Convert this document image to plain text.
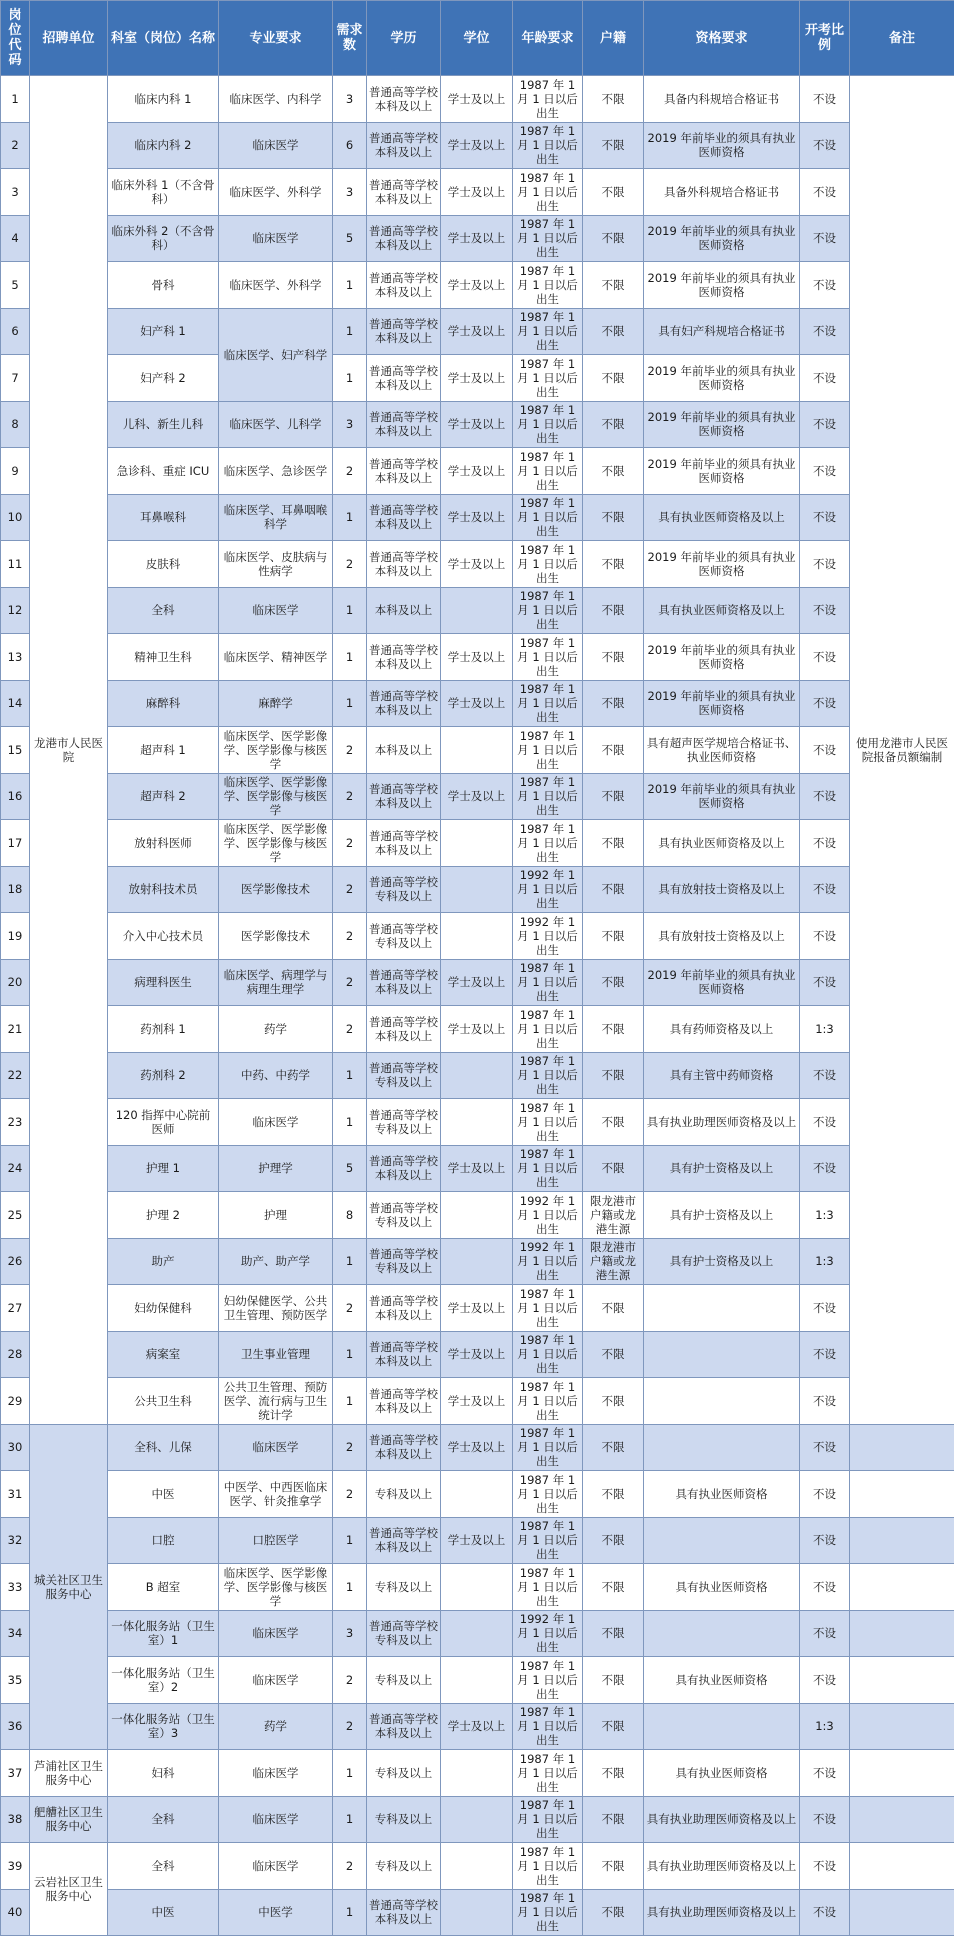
岗位代码	招聘单位	科室（岗位）名称	专业要求	需求数	学历	学位	年龄要求	户籍	资格要求	开考比例	备注
1	龙港市人民医院	临床内科 1	临床医学、内科学	3	普通高等学校本科及以上	学士及以上	1987 年 1 月 1 日以后出生	不限	具备内科规培合格证书	不设	使用龙港市人民医院报备员额编制
2		临床内科 2	临床医学	6	普通高等学校本科及以上	学士及以上	1987 年 1 月 1 日以后出生	不限	2019 年前毕业的须具有执业医师资格	不设	
3		临床外科 1（不含骨科）	临床医学、外科学	3	普通高等学校本科及以上	学士及以上	1987 年 1 月 1 日以后出生	不限	具备外科规培合格证书	不设	
4		临床外科 2（不含骨科）	临床医学	5	普通高等学校本科及以上	学士及以上	1987 年 1 月 1 日以后出生	不限	2019 年前毕业的须具有执业医师资格	不设	
5		骨科	临床医学、外科学	1	普通高等学校本科及以上	学士及以上	1987 年 1 月 1 日以后出生	不限	2019 年前毕业的须具有执业医师资格	不设	
6		妇产科 1	临床医学、妇产科学	1	普通高等学校本科及以上	学士及以上	1987 年 1 月 1 日以后出生	不限	具有妇产科规培合格证书	不设	
7		妇产科 2		1	普通高等学校本科及以上	学士及以上	1987 年 1 月 1 日以后出生	不限	2019 年前毕业的须具有执业医师资格	不设	
8		儿科、新生儿科	临床医学、儿科学	3	普通高等学校本科及以上	学士及以上	1987 年 1 月 1 日以后出生	不限	2019 年前毕业的须具有执业医师资格	不设	
9		急诊科、重症 ICU	临床医学、急诊医学	2	普通高等学校本科及以上	学士及以上	1987 年 1 月 1 日以后出生	不限	2019 年前毕业的须具有执业医师资格	不设	
10		耳鼻喉科	临床医学、耳鼻咽喉科学	1	普通高等学校本科及以上	学士及以上	1987 年 1 月 1 日以后出生	不限	具有执业医师资格及以上	不设	
11		皮肤科	临床医学、皮肤病与性病学	2	普通高等学校本科及以上	学士及以上	1987 年 1 月 1 日以后出生	不限	2019 年前毕业的须具有执业医师资格	不设	
12		全科	临床医学	1	本科及以上		1987 年 1 月 1 日以后出生	不限	具有执业医师资格及以上	不设	
13		精神卫生科	临床医学、精神医学	1	普通高等学校本科及以上	学士及以上	1987 年 1 月 1 日以后出生	不限	2019 年前毕业的须具有执业医师资格	不设	
14		麻醉科	麻醉学	1	普通高等学校本科及以上	学士及以上	1987 年 1 月 1 日以后出生	不限	2019 年前毕业的须具有执业医师资格	不设	
15		超声科 1	临床医学、医学影像学、医学影像与核医学	2	本科及以上		1987 年 1 月 1 日以后出生	不限	具有超声医学规培合格证书、执业医师资格	不设	
16		超声科 2	临床医学、医学影像学、医学影像与核医学	2	普通高等学校本科及以上	学士及以上	1987 年 1 月 1 日以后出生	不限	2019 年前毕业的须具有执业医师资格	不设	
17		放射科医师	临床医学、医学影像学、医学影像与核医学	2	普通高等学校本科及以上		1987 年 1 月 1 日以后出生	不限	具有执业医师资格及以上	不设	
18		放射科技术员	医学影像技术	2	普通高等学校专科及以上		1992 年 1 月 1 日以后出生	不限	具有放射技士资格及以上	不设	
19		介入中心技术员	医学影像技术	2	普通高等学校专科及以上		1992 年 1 月 1 日以后出生	不限	具有放射技士资格及以上	不设	
20		病理科医生	临床医学、病理学与病理生理学	2	普通高等学校本科及以上	学士及以上	1987 年 1 月 1 日以后出生	不限	2019 年前毕业的须具有执业医师资格	不设	
21		药剂科 1	药学	2	普通高等学校本科及以上	学士及以上	1987 年 1 月 1 日以后出生	不限	具有药师资格及以上	1:3	
22		药剂科 2	中药、中药学	1	普通高等学校专科及以上		1987 年 1 月 1 日以后出生	不限	具有主管中药师资格	不设	
23		120 指挥中心院前医师	临床医学	1	普通高等学校专科及以上		1987 年 1 月 1 日以后出生	不限	具有执业助理医师资格及以上	不设	
24		护理 1	护理学	5	普通高等学校本科及以上	学士及以上	1987 年 1 月 1 日以后出生	不限	具有护士资格及以上	不设	
25		护理 2	护理	8	普通高等学校专科及以上		1992 年 1 月 1 日以后出生	限龙港市户籍或龙港生源	具有护士资格及以上	1:3	
26		助产	助产、助产学	1	普通高等学校专科及以上		1992 年 1 月 1 日以后出生	限龙港市户籍或龙港生源	具有护士资格及以上	1:3	
27		妇幼保健科	妇幼保健医学、公共卫生管理、预防医学	2	普通高等学校本科及以上	学士及以上	1987 年 1 月 1 日以后出生	不限		不设	
28		病案室	卫生事业管理	1	普通高等学校本科及以上	学士及以上	1987 年 1 月 1 日以后出生	不限		不设	
29		公共卫生科	公共卫生管理、预防医学、流行病与卫生统计学	1	普通高等学校本科及以上	学士及以上	1987 年 1 月 1 日以后出生	不限		不设	
30	城关社区卫生服务中心	全科、儿保	临床医学	2	普通高等学校本科及以上	学士及以上	1987 年 1 月 1 日以后出生	不限		不设	
31		中医	中医学、中西医临床医学、针灸推拿学	2	专科及以上		1987 年 1 月 1 日以后出生	不限	具有执业医师资格	不设	
32		口腔	口腔医学	1	普通高等学校本科及以上	学士及以上	1987 年 1 月 1 日以后出生	不限		不设	
33		B 超室	临床医学、医学影像学、医学影像与核医学	1	专科及以上		1987 年 1 月 1 日以后出生	不限	具有执业医师资格	不设	
34		一体化服务站（卫生室）1	临床医学	3	普通高等学校专科及以上		1992 年 1 月 1 日以后出生	不限		不设	
35		一体化服务站（卫生室）2	临床医学	2	专科及以上		1987 年 1 月 1 日以后出生	不限	具有执业医师资格	不设	
36		一体化服务站（卫生室）3	药学	2	普通高等学校本科及以上	学士及以上	1987 年 1 月 1 日以后出生	不限		1:3	
37	芦浦社区卫生服务中心	妇科	临床医学	1	专科及以上		1987 年 1 月 1 日以后出生	不限	具有执业医师资格	不设	
38	舥艚社区卫生服务中心	全科	临床医学	1	专科及以上		1987 年 1 月 1 日以后出生	不限	具有执业助理医师资格及以上	不设	
39	云岩社区卫生服务中心	全科	临床医学	2	专科及以上		1987 年 1 月 1 日以后出生	不限	具有执业助理医师资格及以上	不设	
40		中医	中医学	1	普通高等学校本科及以上		1987 年 1 月 1 日以后出生	不限	具有执业助理医师资格及以上	不设	
